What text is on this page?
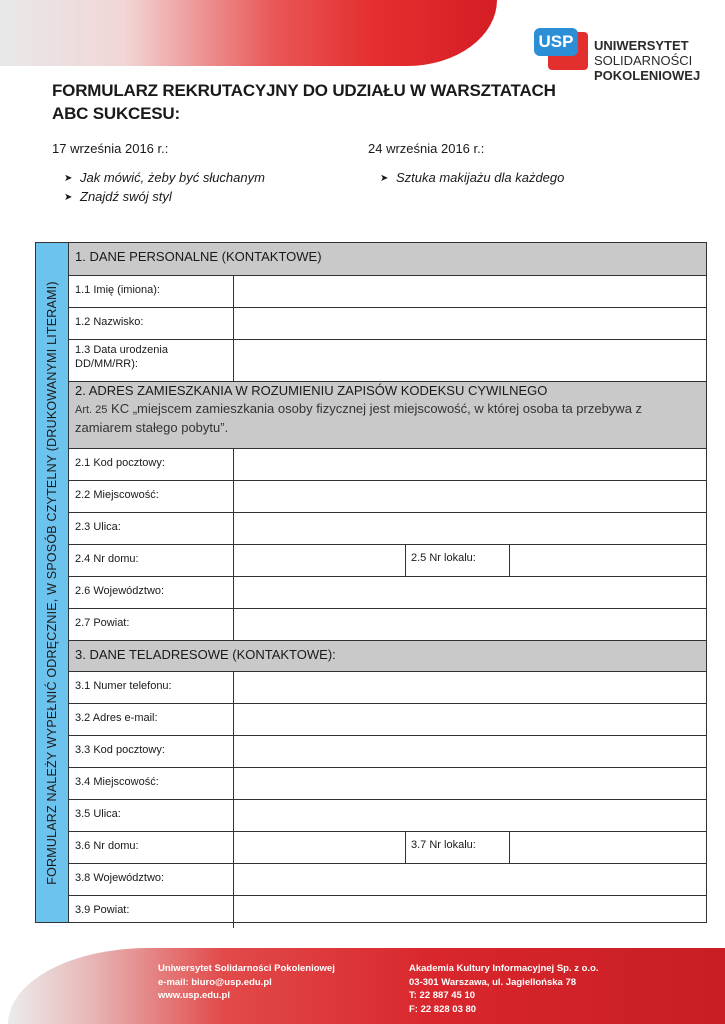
USP	UNIWERSYTET
SOLIDARNOŚCI
POKOLENIOWEJ
FORMULARZ REKRUTACYJNY DO UDZIAŁU W WARSZTATACH ABC SUKCESU:
17 września 2016 r.:	24 września 2016 r.:
➤ Jak mówić, żeby być słuchanym
➤ Znajdź swój styl
➤ Sztuka makijażu dla każdego
FORMULARZ NALEŻY WYPEŁNIĆ ODRĘCZNIE, W SPOSÓB CZYTELNY (DRUKOWANYMI LITERAMI)
1. DANE PERSONALNE (KONTAKTOWE)
1.1 Imię (imiona):
1.2 Nazwisko:
1.3 Data urodzenia DD/MM/RR):
2. ADRES ZAMIESZKANIA W ROZUMIENIU ZAPISÓW KODEKSU CYWILNEGO
Art. 25 KC „miejscem zamieszkania osoby fizycznej jest miejscowość, w której osoba ta przebywa z zamiarem stałego pobytu”.
2.1 Kod pocztowy:
2.2 Miejscowość:
2.3 Ulica:
2.4 Nr domu:	2.5 Nr lokalu:
2.6 Województwo:
2.7 Powiat:
3. DANE TELADRESOWE (KONTAKTOWE):
3.1 Numer telefonu:
3.2 Adres e-mail:
3.3 Kod pocztowy:
3.4 Miejscowość:
3.5 Ulica:
3.6 Nr domu:	3.7 Nr lokalu:
3.8 Województwo:
3.9 Powiat:
Uniwersytet Solidarności Pokoleniowej
e-mail: biuro@usp.edu.pl
www.usp.edu.pl
Akademia Kultury Informacyjnej Sp. z o.o.
03-301 Warszawa, ul. Jagiellońska 78
T: 22 887 45 10
F: 22 828 03 80
